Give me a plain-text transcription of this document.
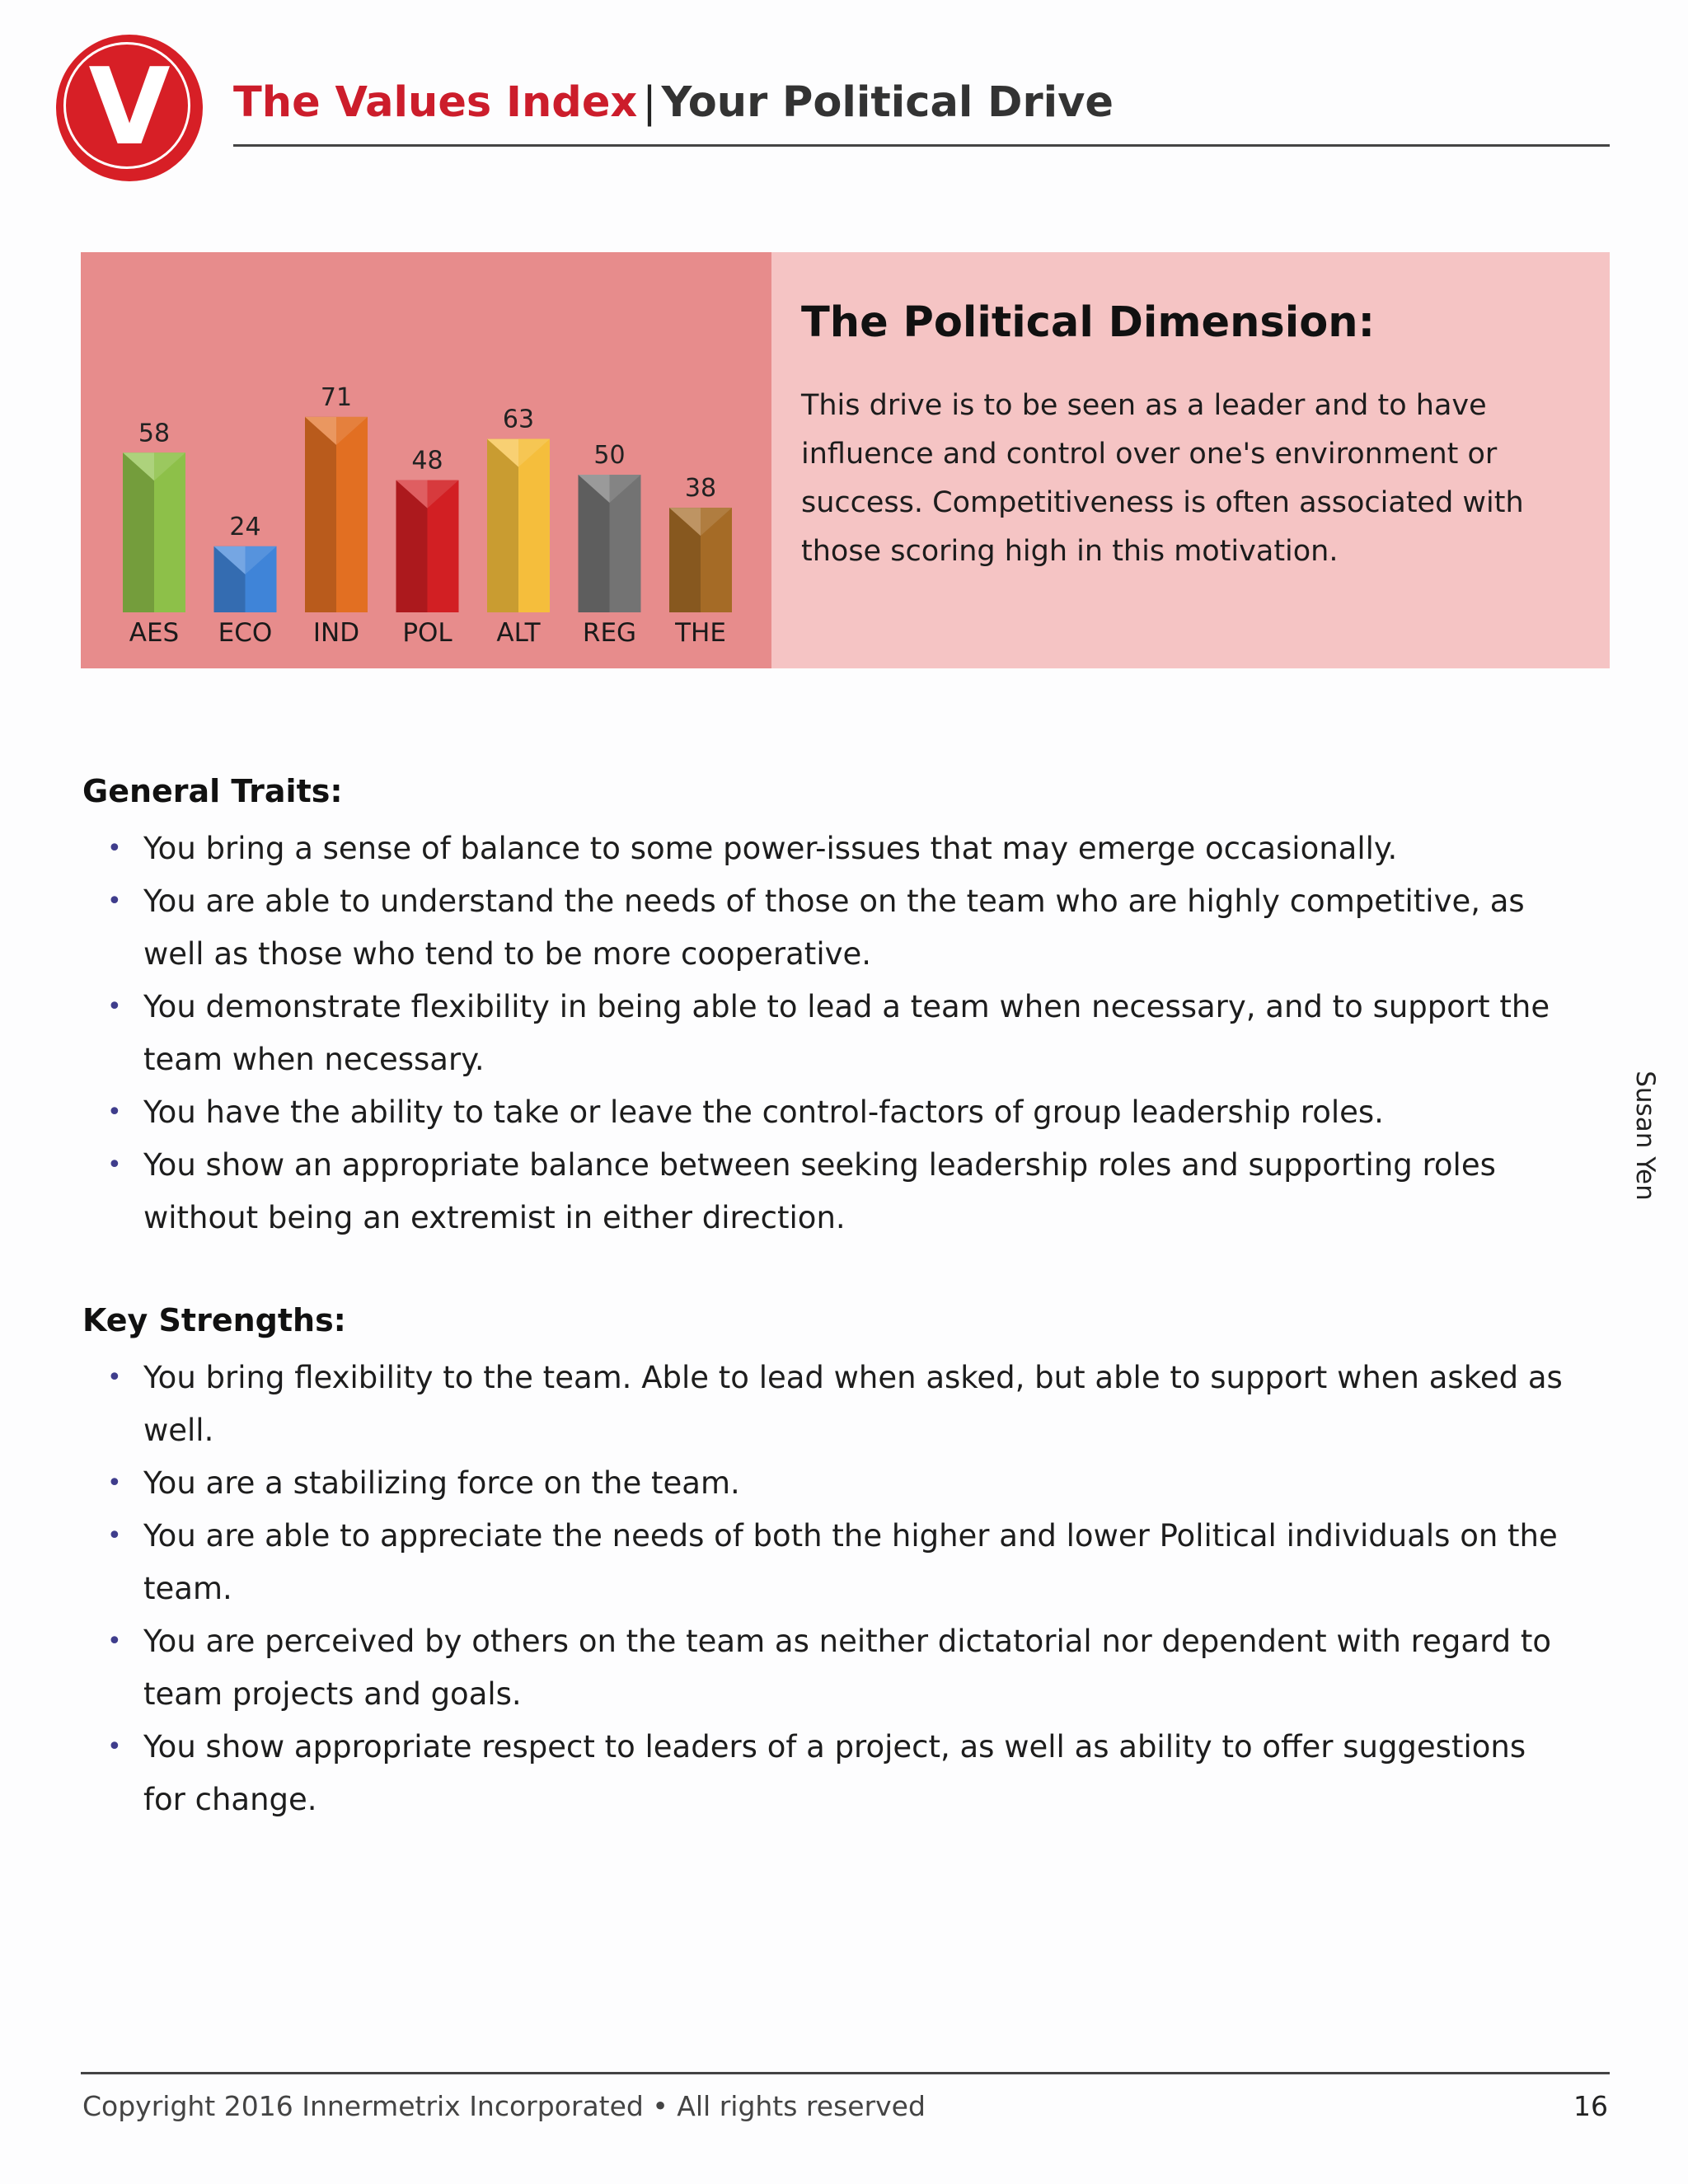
V	The Values Index | Your Political Drive
58
AES
24
ECO
71
IND
48
POL
63
ALT
50
REG
38
THE
The Political Dimension:
This drive is to be seen as a leader and to have influence and control over one's environment or success. Competitiveness is often associated with those scoring high in this motivation.
General Traits:
• You bring a sense of balance to some power-issues that may emerge occasionally.
• You are able to understand the needs of those on the team who are highly competitive, as well as those who tend to be more cooperative.
• You demonstrate flexibility in being able to lead a team when necessary, and to support the team when necessary.
• You have the ability to take or leave the control-factors of group leadership roles.
• You show an appropriate balance between seeking leadership roles and supporting roles without being an extremist in either direction.
Key Strengths:
• You bring flexibility to the team. Able to lead when asked, but able to support when asked as well.
• You are a stabilizing force on the team.
• You are able to appreciate the needs of both the higher and lower Political individuals on the team.
• You are perceived by others on the team as neither dictatorial nor dependent with regard to team projects and goals.
• You show appropriate respect to leaders of a project, as well as ability to offer suggestions for change.
Susan Yen
Copyright 2016 Innermetrix Incorporated • All rights reserved	16
